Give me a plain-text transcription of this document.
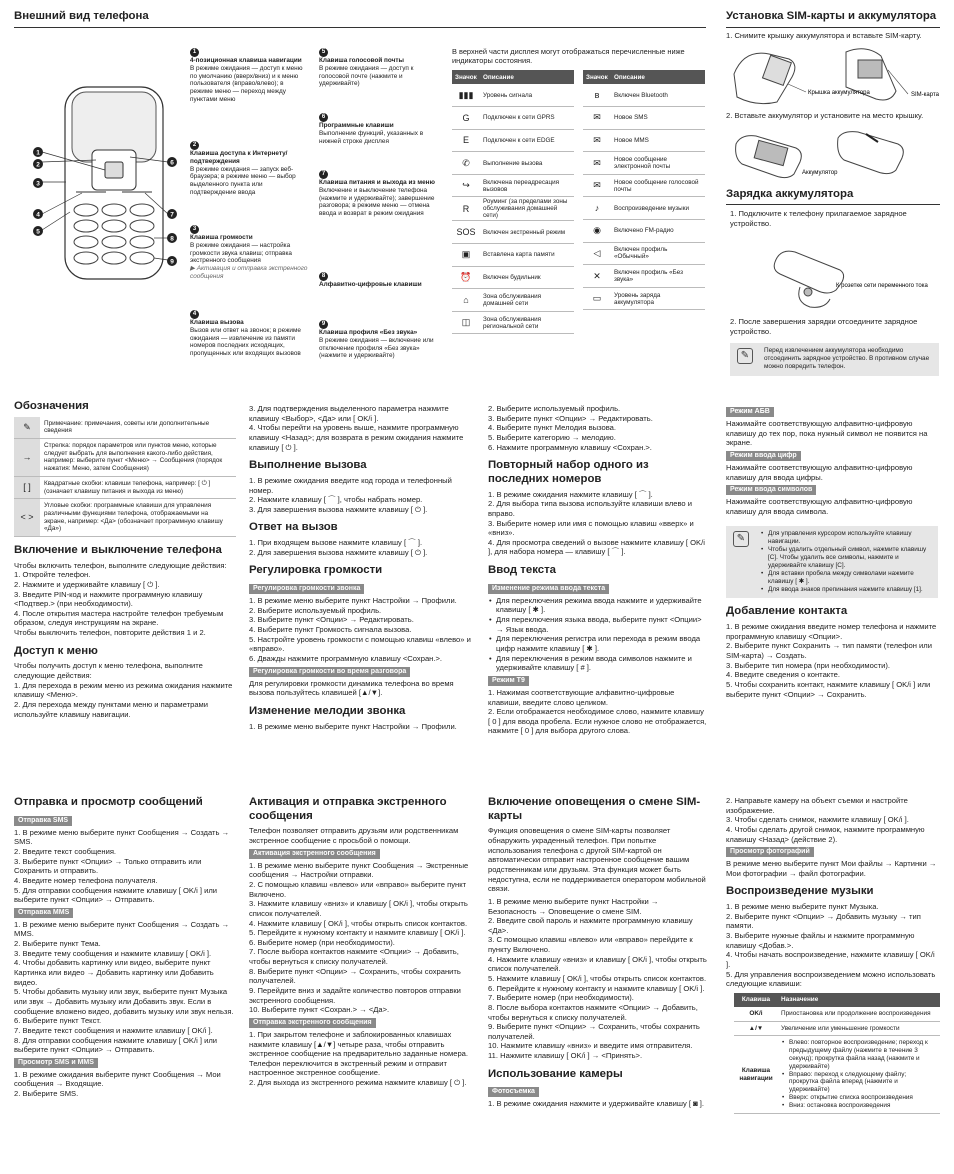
Внешний вид телефона
1
2
3
4
5
6
7
8
9
1
4-позиционная клавиша навигации
В режиме ожидания — доступ к меню по умолчанию (вверх/вниз) и к меню пользователя (вправо/влево); в режиме меню — переход между пунктами меню
2
Клавиша доступа к Интернету/подтверждения
В режиме ожидания — запуск веб-браузера; в режиме меню — выбор выделенного пункта или подтверждение ввода
3
Клавиша громкости
В режиме ожидания — настройка громкости звука клавиш; отправка экстренного сообщения
▶ Активация и отправка экстренного сообщения
4
Клавиша вызова
Вызов или ответ на звонок; в режиме ожидания — извлечение из памяти номеров последних исходящих, пропущенных или входящих вызовов
5
Клавиша голосовой почты
В режиме ожидания — доступ к голосовой почте (нажмите и удерживайте)
6
Программные клавиши
Выполнение функций, указанных в нижней строке дисплея
7
Клавиша питания и выхода из меню
Включение и выключение телефона (нажмите и удерживайте); завершение разговора; в режиме меню — отмена ввода и возврат в режим ожидания
8
Алфавитно-цифровые клавиши
9
Клавиша профиля «Без звука»
В режиме ожидания — включение или отключение профиля «Без звука» (нажмите и удерживайте)
В верхней части дисплея могут отображаться перечисленные ниже индикаторы состояния.
Значок	Описание
▮▮▮	Уровень сигнала
G	Подключен к сети GPRS
E	Подключен к сети EDGE
✆	Выполнение вызова
↪	Включена переадресация вызовов
R	Роуминг (за пределами зоны обслуживания домашней сети)
SOS	Включен экстренный режим
▣	Вставлена карта памяти
⏰	Включен будильник
⌂	Зона обслуживания домашней сети
◫	Зона обслуживания региональной сети
Значок	Описание
ʙ	Включен Bluetooth
✉	Новое SMS
✉	Новое MMS
✉	Новое сообщение электронной почты
✉	Новое сообщение голосовой почты
♪	Воспроизведение музыки
◉	Включено FM-радио
◁	Включен профиль «Обычный»
✕	Включен профиль «Без звука»
▭	Уровень заряда аккумулятора
Установка SIM-карты и аккумулятора
1. Снимите крышку аккумулятора и вставьте SIM-карту.
Крышка аккумулятора	SIM-карта
2. Вставьте аккумулятор и установите на место крышку.
Аккумулятор
Зарядка аккумулятора
1. Подключите к телефону прилагаемое зарядное устройство.
К розетке сети переменного тока
2. После завершения зарядки отсоедините зарядное устройство.
✎	Перед извлечением аккумулятора необходимо отсоединить зарядное устройство. В противном случае можно повредить телефон.
Обозначения
✎	Примечание: примечания, советы или дополнительные сведения
→	Стрелка: порядок параметров или пунктов меню, которые следует выбрать для выполнения какого-либо действия, например: выберите пункт <Меню> → Сообщения (порядок нажатия: Меню, затем Сообщения)
[ ]	Квадратные скобки: клавиши телефона, например: [ ⏻ ] (означает клавишу питания и выхода из меню)
< >	Угловые скобки: программные клавиши для управления различными функциями телефона, отображаемыми на экране, например: <Да> (обозначает программную клавишу «Да»)
Включение и выключение телефона
Чтобы включить телефон, выполните следующие действия:
1. Откройте телефон.
2. Нажмите и удерживайте клавишу [ ⏻ ].
3. Введите PIN-код и нажмите программную клавишу <Подтвер.> (при необходимости).
4. После открытия мастера настройте телефон требуемым образом, следуя инструкциям на экране.
Чтобы выключить телефон, повторите действия 1 и 2.
Доступ к меню
Чтобы получить доступ к меню телефона, выполните следующие действия:
1. Для перехода в режим меню из режима ожидания нажмите клавишу <Меню>.
2. Для перехода между пунктами меню и параметрами используйте клавишу навигации.
3. Для подтверждения выделенного параметра нажмите клавишу <Выбор>, <Да> или [ OK/i ].
4. Чтобы перейти на уровень выше, нажмите программную клавишу <Назад>; для возврата в режим ожидания нажмите клавишу [ ⏻ ].
Выполнение вызова
1. В режиме ожидания введите код города и телефонный номер.
2. Нажмите клавишу [ ⌒ ], чтобы набрать номер.
3. Для завершения вызова нажмите клавишу [ ⏻ ].
Ответ на вызов
1. При входящем вызове нажмите клавишу [ ⌒ ].
2. Для завершения вызова нажмите клавишу [ ⏻ ].
Регулировка громкости
Регулировка громкости звонка
1. В режиме меню выберите пункт Настройки → Профили.
2. Выберите используемый профиль.
3. Выберите пункт <Опции> → Редактировать.
4. Выберите пункт Громкость сигнала вызова.
5. Настройте уровень громкости с помощью клавиш «влево» и «вправо».
6. Дважды нажмите программную клавишу <Сохран.>.
Регулировка громкости во время разговора
Для регулировки громкости динамика телефона во время вызова пользуйтесь клавишей [▲/▼].
Изменение мелодии звонка
1. В режиме меню выберите пункт Настройки → Профили.
2. Выберите используемый профиль.
3. Выберите пункт <Опции> → Редактировать.
4. Выберите пункт Мелодия вызова.
5. Выберите категорию → мелодию.
6. Нажмите программную клавишу <Сохран.>.
Повторный набор одного из последних номеров
1. В режиме ожидания нажмите клавишу [ ⌒ ].
2. Для выбора типа вызова используйте клавиши влево и вправо.
3. Выберите номер или имя с помощью клавиш «вверх» и «вниз».
4. Для просмотра сведений о вызове нажмите клавишу [ OK/i ], для набора номера — клавишу [ ⌒ ].
Ввод текста
Изменение режима ввода текста
• Для переключения режима ввода нажмите и удерживайте клавишу [ ✱ ].
• Для переключения языка ввода, выберите пункт <Опции> → Язык ввода.
• Для переключения регистра или перехода в режим ввода цифр нажмите клавишу [ ✱ ].
• Для переключения в режим ввода символов нажмите и удерживайте клавишу [ # ].
Режим T9
1. Нажимая соответствующие алфавитно-цифровые клавиши, введите слово целиком.
2. Если отображается необходимое слово, нажмите клавишу [ 0 ] для ввода пробела. Если нужное слово не отображается, нажмите [ 0 ] для выбора другого слова.
Режим АБВ
Нажимайте соответствующую алфавитно-цифровую клавишу до тех пор, пока нужный символ не появится на экране.
Режим ввода цифр
Нажимайте соответствующую алфавитно-цифровую клавишу для ввода цифры.
Режим ввода символов
Нажимайте соответствующую алфавитно-цифровую клавишу для ввода символа.
✎	• Для управления курсором используйте клавишу навигации.
• Чтобы удалить отдельный символ, нажмите клавишу [C]. Чтобы удалить все символы, нажмите и удерживайте клавишу [C].
• Для вставки пробела между символами нажмите клавишу [ ✱ ].
• Для ввода знаков препинания нажмите клавишу [1].
Добавление контакта
1. В режиме ожидания введите номер телефона и нажмите программную клавишу <Опции>.
2. Выберите пункт Сохранить → тип памяти (телефон или SIM-карта) → Создать.
3. Выберите тип номера (при необходимости).
4. Введите сведения о контакте.
5. Чтобы сохранить контакт, нажмите клавишу [ OK/i ] или выберите пункт <Опции> → Сохранить.
Отправка и просмотр сообщений
Отправка SMS
1. В режиме меню выберите пункт Сообщения → Создать → SMS.
2. Введите текст сообщения.
3. Выберите пункт <Опции> → Только отправить или Сохранить и отправить.
4. Введите номер телефона получателя.
5. Для отправки сообщения нажмите клавишу [ OK/i ] или выберите пункт <Опции> → Отправить.
Отправка MMS
1. В режиме меню выберите пункт Сообщения → Создать → MMS.
2. Выберите пункт Тема.
3. Введите тему сообщения и нажмите клавишу [ OK/i ].
4. Чтобы добавить картинку или видео, выберите пункт Картинка или видео → Добавить картинку или Добавить видео.
5. Чтобы добавить музыку или звук, выберите пункт Музыка или звук → Добавить музыку или Добавить звук. Если в сообщение вложено видео, добавить музыку или звук нельзя.
6. Выберите пункт Текст.
7. Введите текст сообщения и нажмите клавишу [ OK/i ].
8. Для отправки сообщения нажмите клавишу [ OK/i ] или выберите пункт <Опции> → Отправить.
Просмотр SMS и MMS
1. В режиме ожидания выберите пункт Сообщения → Мои сообщения → Входящие.
2. Выберите SMS.
Активация и отправка экстренного сообщения
Телефон позволяет отправить друзьям или родственникам экстренное сообщение с просьбой о помощи.
Активация экстренного сообщения
1. В режиме меню выберите пункт Сообщения → Экстренные сообщения → Настройки отправки.
2. С помощью клавиш «влево» или «вправо» выберите пункт Включено.
3. Нажмите клавишу «вниз» и клавишу [ OK/i ], чтобы открыть список получателей.
4. Нажмите клавишу [ OK/i ], чтобы открыть список контактов.
5. Перейдите к нужному контакту и нажмите клавишу [ OK/i ].
6. Выберите номер (при необходимости).
7. После выбора контактов нажмите <Опции> → Добавить, чтобы вернуться к списку получателей.
8. Выберите пункт <Опции> → Сохранить, чтобы сохранить получателей.
9. Перейдите вниз и задайте количество повторов отправки экстренного сообщения.
10. Выберите пункт <Сохран.> → <Да>.
Отправка экстренного сообщения
1. При закрытом телефоне и заблокированных клавишах нажмите клавишу [▲/▼] четыре раза, чтобы отправить экстренное сообщение на предварительно заданные номера. Телефон переключится в экстренный режим и отправит настроенное экстренное сообщение.
2. Для выхода из экстренного режима нажмите клавишу [ ⏻ ].
Включение оповещения о смене SIM-карты
Функция оповещения о смене SIM-карты позволяет обнаружить украденный телефон. При попытке использования телефона с другой SIM-картой он автоматически отправит настроенное сообщение вашим родственникам или друзьям. Эта функция может быть недоступна, если не поддерживается оператором мобильной связи.
1. В режиме меню выберите пункт Настройки → Безопасность → Оповещение о смене SIM.
2. Введите свой пароль и нажмите программную клавишу <Да>.
3. С помощью клавиш «влево» или «вправо» перейдите к пункту Включено.
4. Нажмите клавишу «вниз» и клавишу [ OK/i ], чтобы открыть список получателей.
5. Нажмите клавишу [ OK/i ], чтобы открыть список контактов.
6. Перейдите к нужному контакту и нажмите клавишу [ OK/i ].
7. Выберите номер (при необходимости).
8. После выбора контактов нажмите <Опции> → Добавить, чтобы вернуться к списку получателей.
9. Выберите пункт <Опции> → Сохранить, чтобы сохранить получателей.
10. Нажмите клавишу «вниз» и введите имя отправителя.
11. Нажмите клавишу [ OK/i ] → <Принять>.
Использование камеры
Фотосъемка
1. В режиме ожидания нажмите и удерживайте клавишу [ ◙ ].
2. Направьте камеру на объект съемки и настройте изображение.
3. Чтобы сделать снимок, нажмите клавишу [ OK/i ].
4. Чтобы сделать другой снимок, нажмите программную клавишу <Назад> (действие 2).
Просмотр фотографий
В режиме меню выберите пункт Мои файлы → Картинки → Мои фотографии → файл фотографии.
Воспроизведение музыки
1. В режиме меню выберите пункт Музыка.
2. Выберите пункт <Опции> → Добавить музыку → тип памяти.
3. Выберите нужные файлы и нажмите программную клавишу <Добав.>.
4. Чтобы начать воспроизведение, нажмите клавишу [ OK/i ].
5. Для управления воспроизведением можно использовать следующие клавиши:
Клавиша	Назначение
OK/i	Приостановка или продолжение воспроизведения

▲/▼	Увеличение или уменьшение громкости

Клавиша навигации	• Влево: повторное воспроизведение; переход к предыдущему файлу (нажмите в течение 3 секунд); прокрутка файла назад (нажмите и удерживайте)
• Вправо: переход к следующему файлу; прокрутка файла вперед (нажмите и удерживайте)
• Вверх: открытие списка воспроизведения
• Вниз: остановка воспроизведения
